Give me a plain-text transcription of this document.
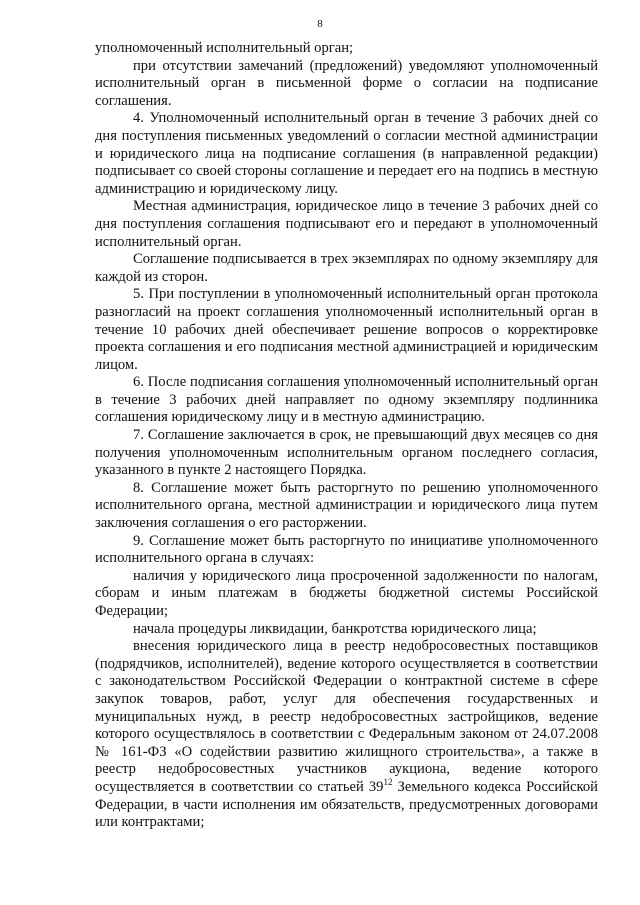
8

уполномоченный исполнительный орган;

при отсутствии замечаний (предложений) уведомляют уполномоченный исполнительный орган в письменной форме о согласии на подписание соглашения.

4. Уполномоченный исполнительный орган в течение 3 рабочих дней со дня поступления письменных уведомлений о согласии местной администрации и юридического лица на подписание соглашения (в направленной редакции) подписывает со своей стороны соглашение и передает его на подпись в местную администрацию и юридическому лицу.

Местная администрация, юридическое лицо в течение 3 рабочих дней со дня поступления соглашения подписывают его и передают в уполномоченный исполнительный орган.

Соглашение подписывается в трех экземплярах по одному экземпляру для каждой из сторон.

5. При поступлении в уполномоченный исполнительный орган протокола разногласий на проект соглашения уполномоченный исполнительный орган в течение 10 рабочих дней обеспечивает решение вопросов о корректировке проекта соглашения и его подписания местной администрацией и юридическим лицом.

6. После подписания соглашения уполномоченный исполнительный орган в течение 3 рабочих дней направляет по одному экземпляру подлинника соглашения юридическому лицу и в местную администрацию.

7. Соглашение заключается в срок, не превышающий двух месяцев со дня получения уполномоченным исполнительным органом последнего согласия, указанного в пункте 2 настоящего Порядка.

8. Соглашение может быть расторгнуто по решению уполномоченного исполнительного органа, местной администрации и юридического лица путем заключения соглашения о его расторжении.

9. Соглашение может быть расторгнуто по инициативе уполномоченного исполнительного органа в случаях:

наличия у юридического лица просроченной задолженности по налогам, сборам и иным платежам в бюджеты бюджетной системы Российской Федерации;

начала процедуры ликвидации, банкротства юридического лица;

внесения юридического лица в реестр недобросовестных поставщиков (подрядчиков, исполнителей), ведение которого осуществляется в соответствии с законодательством Российской Федерации о контрактной системе в сфере закупок товаров, работ, услуг для обеспечения государственных и муниципальных нужд, в реестр недобросовестных застройщиков, ведение которого осуществлялось в соответствии с Федеральным законом от 24.07.2008 № 161-ФЗ «О содействии развитию жилищного строительства», а также в реестр недобросовестных участников аукциона, ведение которого осуществляется в соответствии со статьей $39^{12}$ Земельного кодекса Российской Федерации, в части исполнения им обязательств, предусмотренных договорами или контрактами;
